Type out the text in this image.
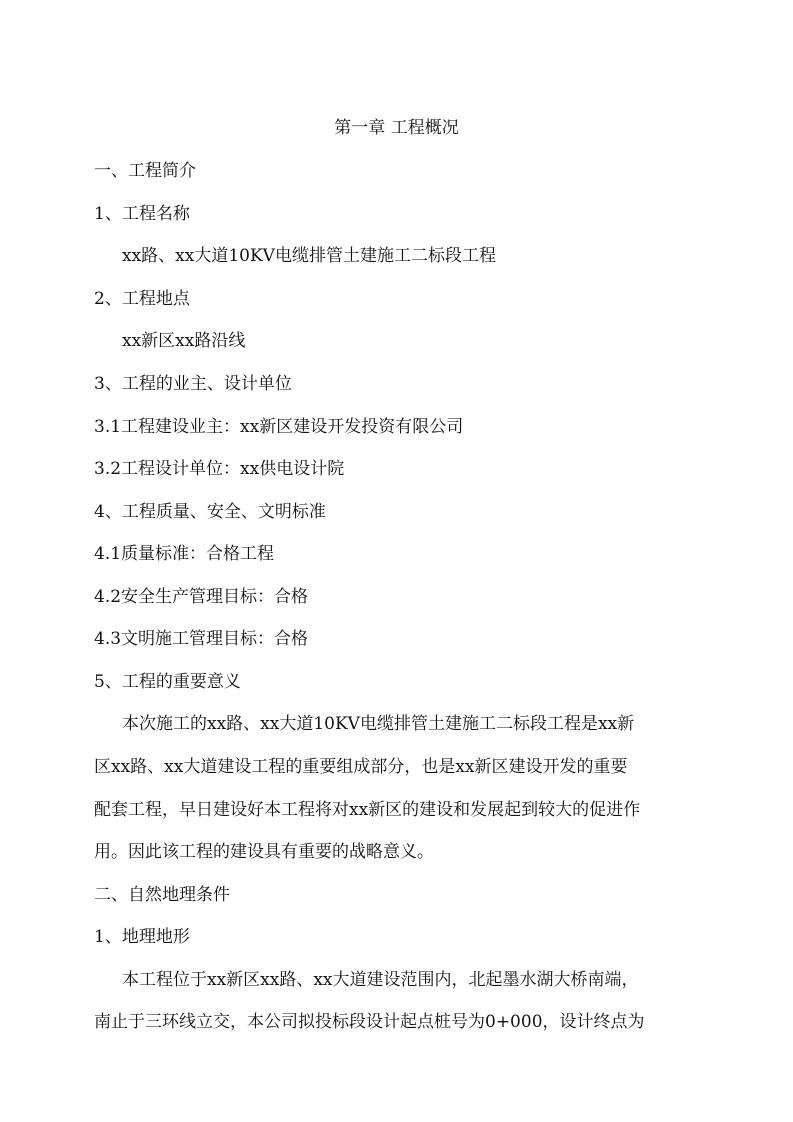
第一章 工程概况
一、工程简介
1、工程名称
xx路、xx大道10KV电缆排管土建施工二标段工程
2、工程地点
xx新区xx路沿线
3、工程的业主、设计单位
3.1工程建设业主：xx新区建设开发投资有限公司
3.2工程设计单位：xx供电设计院
4、工程质量、安全、文明标准
4.1质量标准：合格工程
4.2安全生产管理目标：合格
4.3文明施工管理目标：合格
5、工程的重要意义
本次施工的xx路、xx大道10KV电缆排管土建施工二标段工程是xx新
区xx路、xx大道建设工程的重要组成部分，也是xx新区建设开发的重要
配套工程，早日建设好本工程将对xx新区的建设和发展起到较大的促进作
用。因此该工程的建设具有重要的战略意义。
二、自然地理条件
1、地理地形
本工程位于xx新区xx路、xx大道建设范围内，北起墨水湖大桥南端，
南止于三环线立交，本公司拟投标段设计起点桩号为0+000，设计终点为
